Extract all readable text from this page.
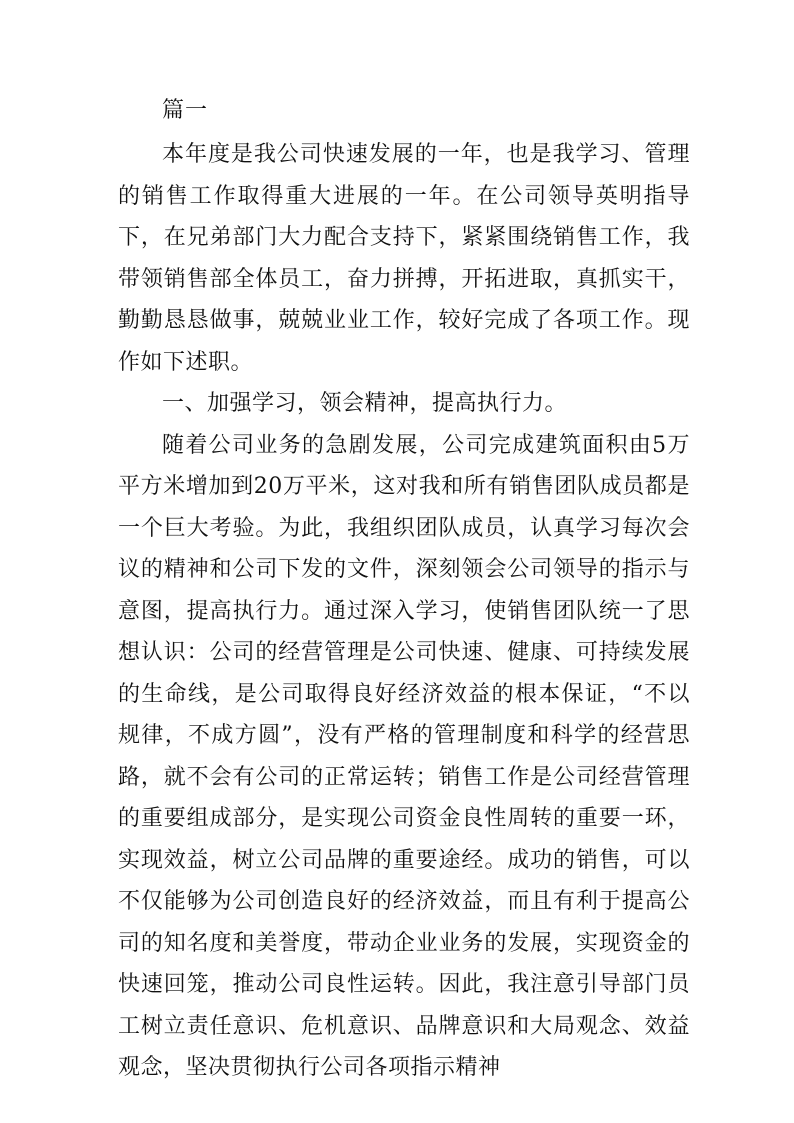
篇一

本年度是我公司快速发展的一年，也是我学习、管理的销售工作取得重大进展的一年。在公司领导英明指导下，在兄弟部门大力配合支持下，紧紧围绕销售工作，我带领销售部全体员工，奋力拼搏，开拓进取，真抓实干，勤勤恳恳做事，兢兢业业工作，较好完成了各项工作。现作如下述职。

一、加强学习，领会精神，提高执行力。

随着公司业务的急剧发展，公司完成建筑面积由5万平方米增加到20万平米，这对我和所有销售团队成员都是一个巨大考验。为此，我组织团队成员，认真学习每次会议的精神和公司下发的文件，深刻领会公司领导的指示与意图，提高执行力。通过深入学习，使销售团队统一了思想认识：公司的经营管理是公司快速、健康、可持续发展的生命线，是公司取得良好经济效益的根本保证，“不以规律，不成方圆”，没有严格的管理制度和科学的经营思路，就不会有公司的正常运转；销售工作是公司经营管理的重要组成部分，是实现公司资金良性周转的重要一环，实现效益，树立公司品牌的重要途经。成功的销售，可以不仅能够为公司创造良好的经济效益，而且有利于提高公司的知名度和美誉度，带动企业业务的发展，实现资金的快速回笼，推动公司良性运转。因此，我注意引导部门员工树立责任意识、危机意识、品牌意识和大局观念、效益观念，坚决贯彻执行公司各项指示精神
